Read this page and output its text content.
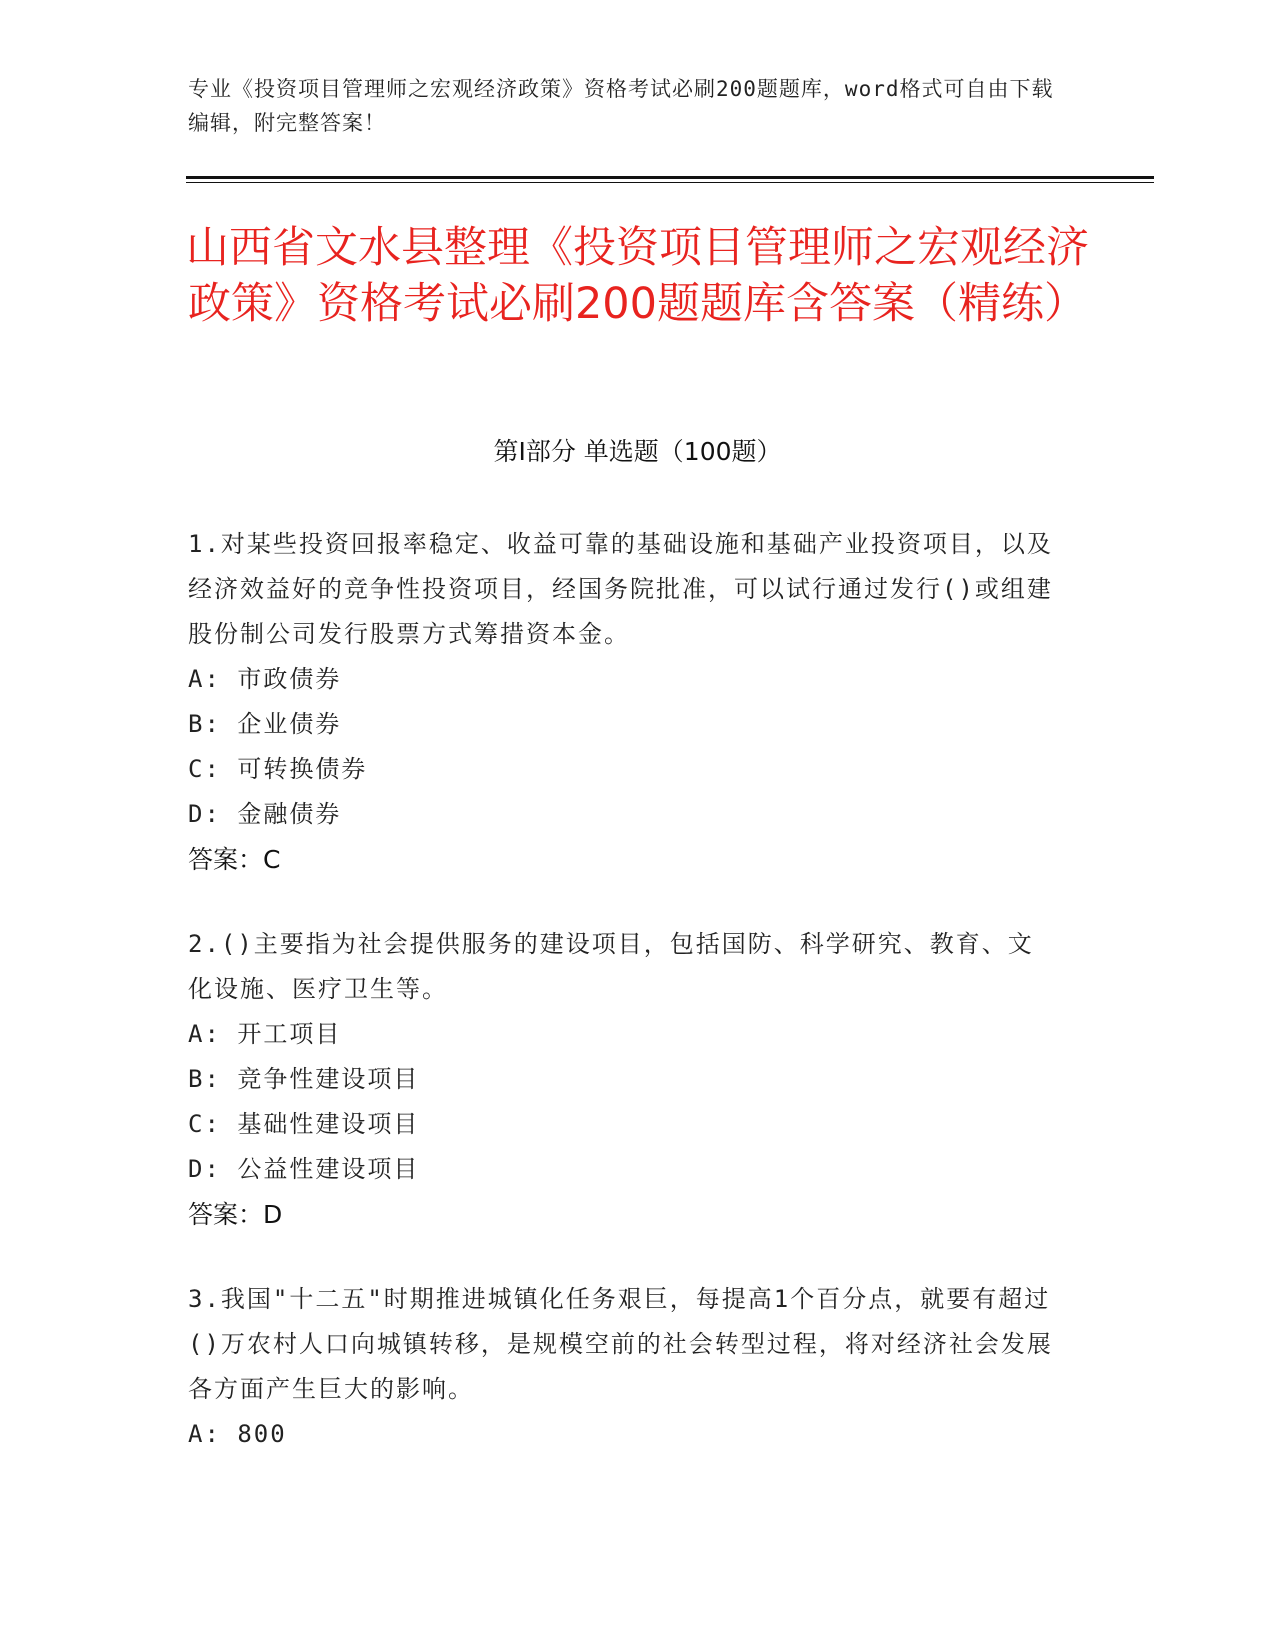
专业《投资项目管理师之宏观经济政策》资格考试必刷200题题库，word格式可自由下载编辑，附完整答案！
山西省文水县整理《投资项目管理师之宏观经济政策》资格考试必刷200题题库含答案（精练）
第Ⅰ部分 单选题（100题）
1.对某些投资回报率稳定、收益可靠的基础设施和基础产业投资项目，以及经济效益好的竞争性投资项目，经国务院批准，可以试行通过发行()或组建股份制公司发行股票方式筹措资本金。
A: 市政债券
B: 企业债券
C: 可转换债券
D: 金融债券
答案：C
2.()主要指为社会提供服务的建设项目，包括国防、科学研究、教育、文化设施、医疗卫生等。
A: 开工项目
B: 竞争性建设项目
C: 基础性建设项目
D: 公益性建设项目
答案：D
3.我国"十二五"时期推进城镇化任务艰巨，每提高1个百分点，就要有超过()万农村人口向城镇转移，是规模空前的社会转型过程，将对经济社会发展各方面产生巨大的影响。
A: 800
